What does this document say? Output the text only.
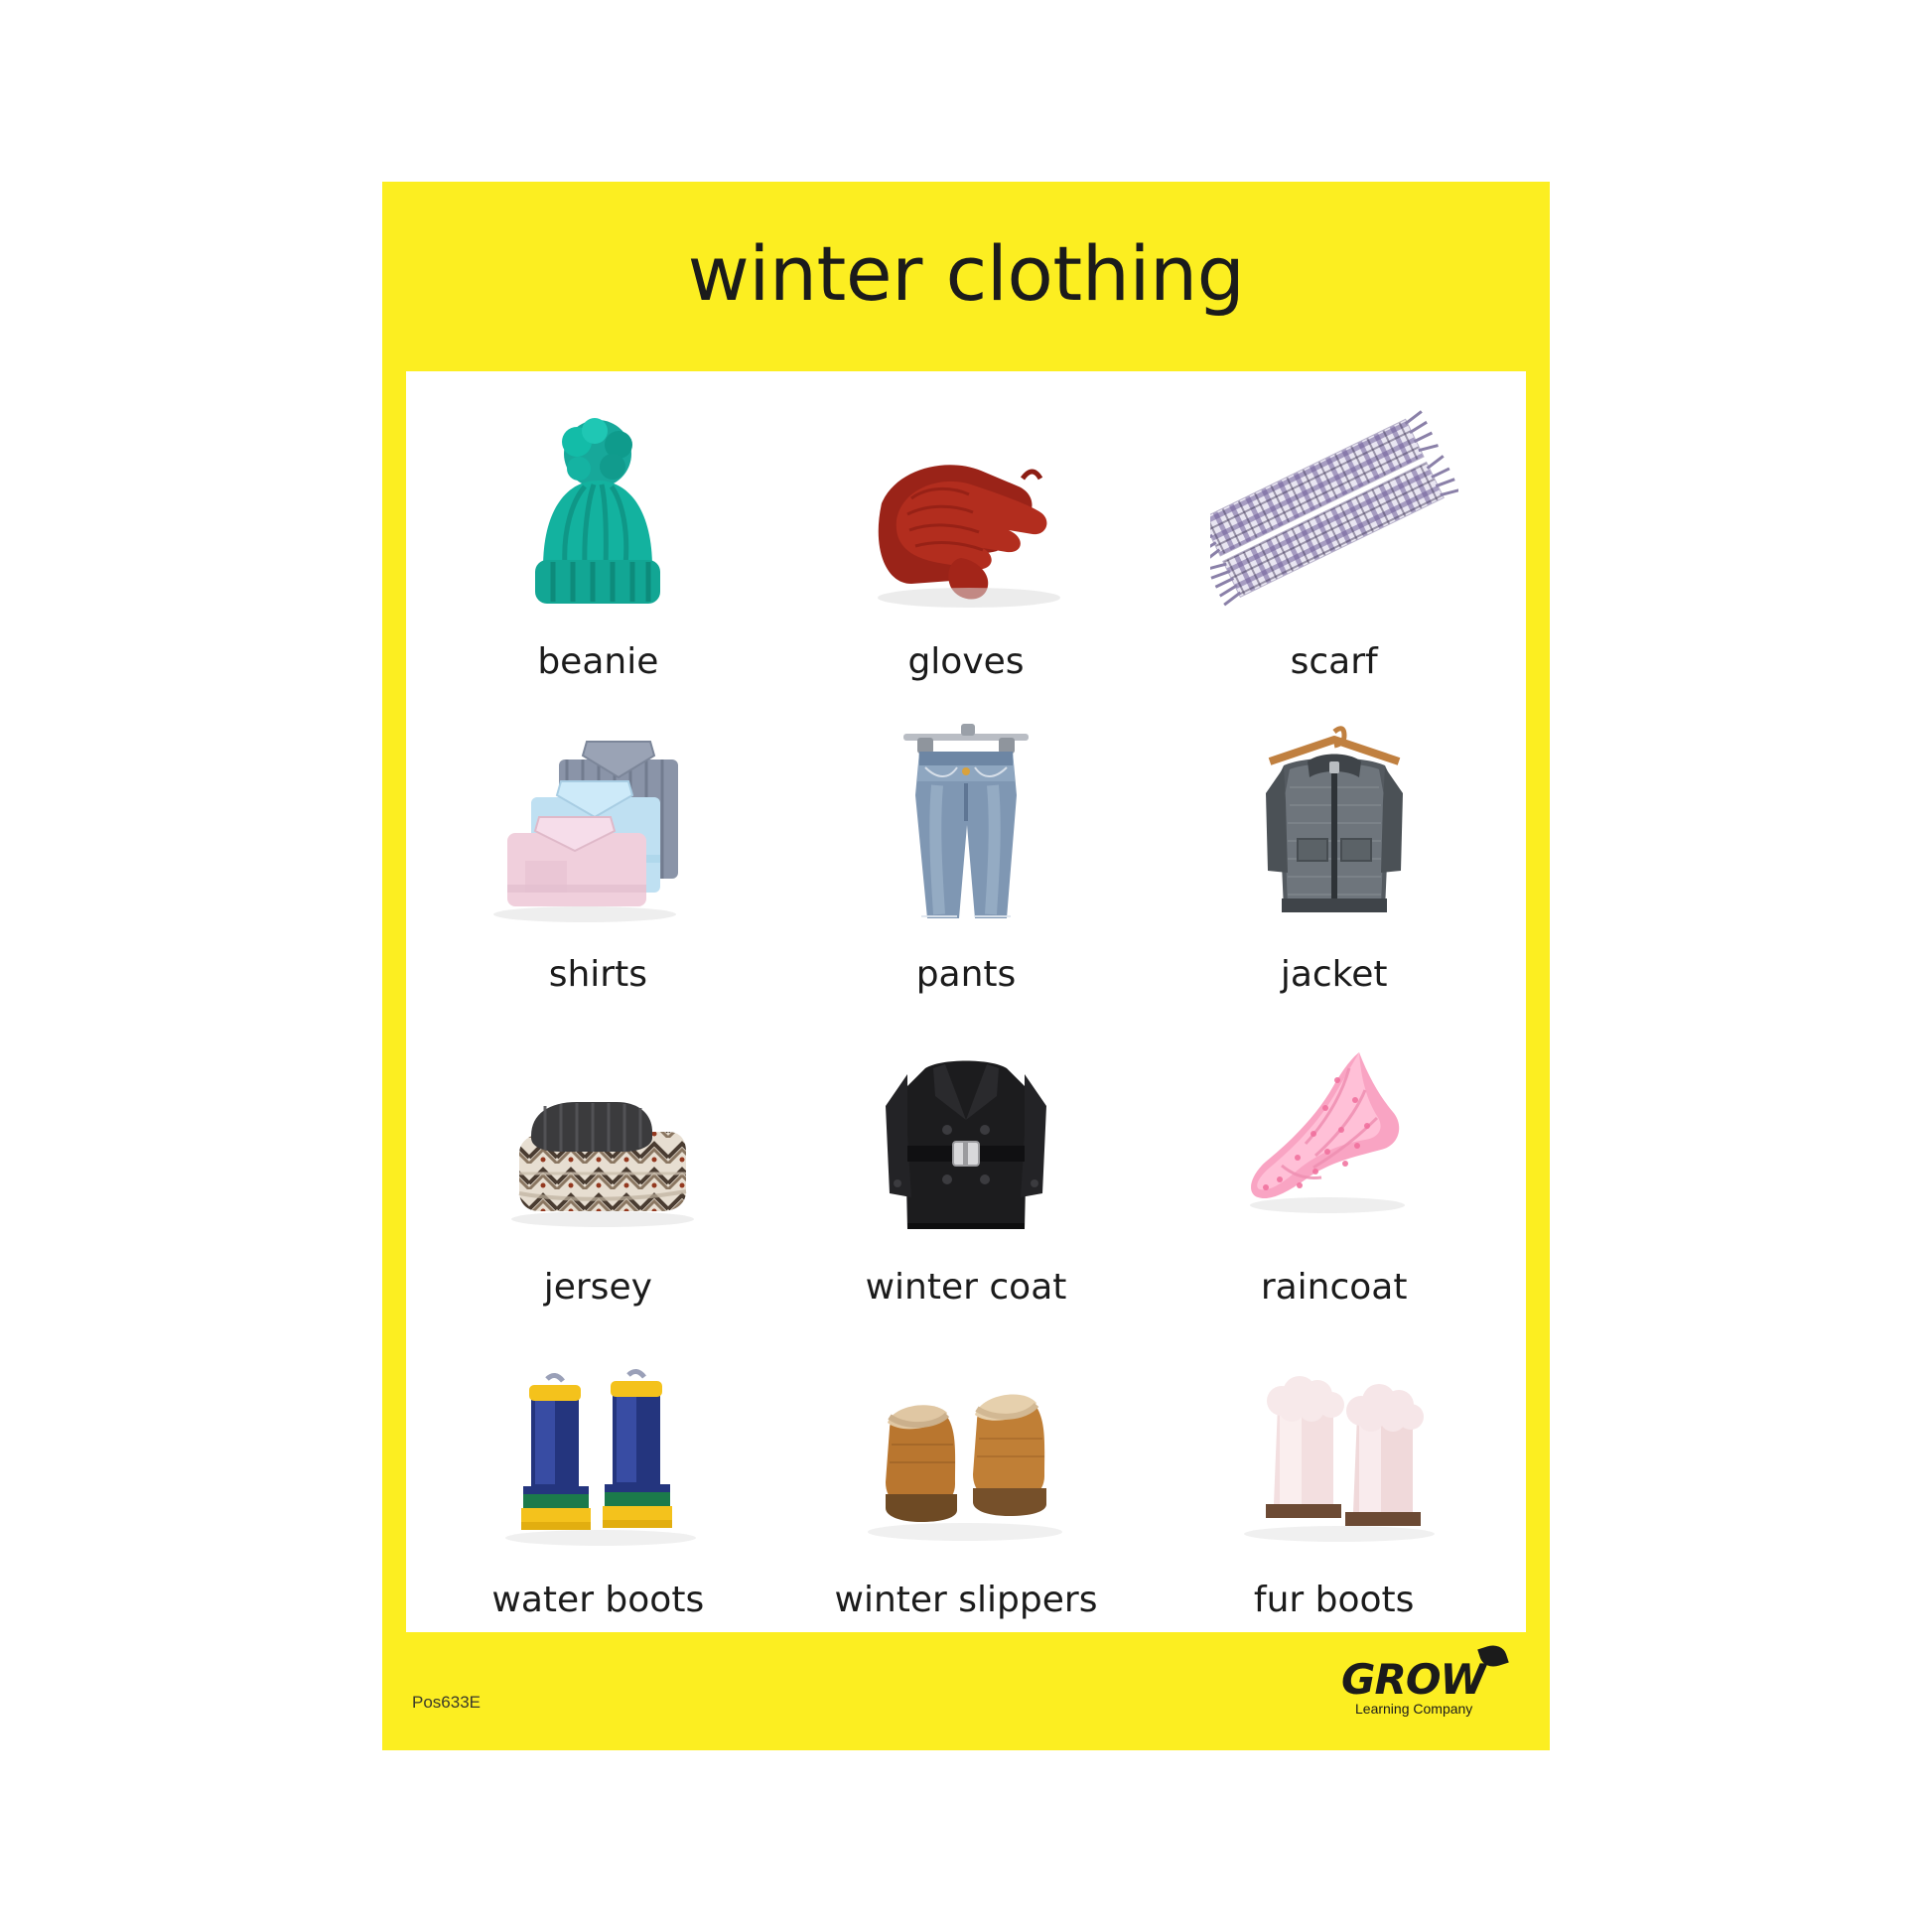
winter clothing
beanie	gloves	scarf
shirts	pants	jacket
jersey	winter coat	raincoat
water boots	winter slippers	fur boots
Pos633E	GROW
Learning Company
